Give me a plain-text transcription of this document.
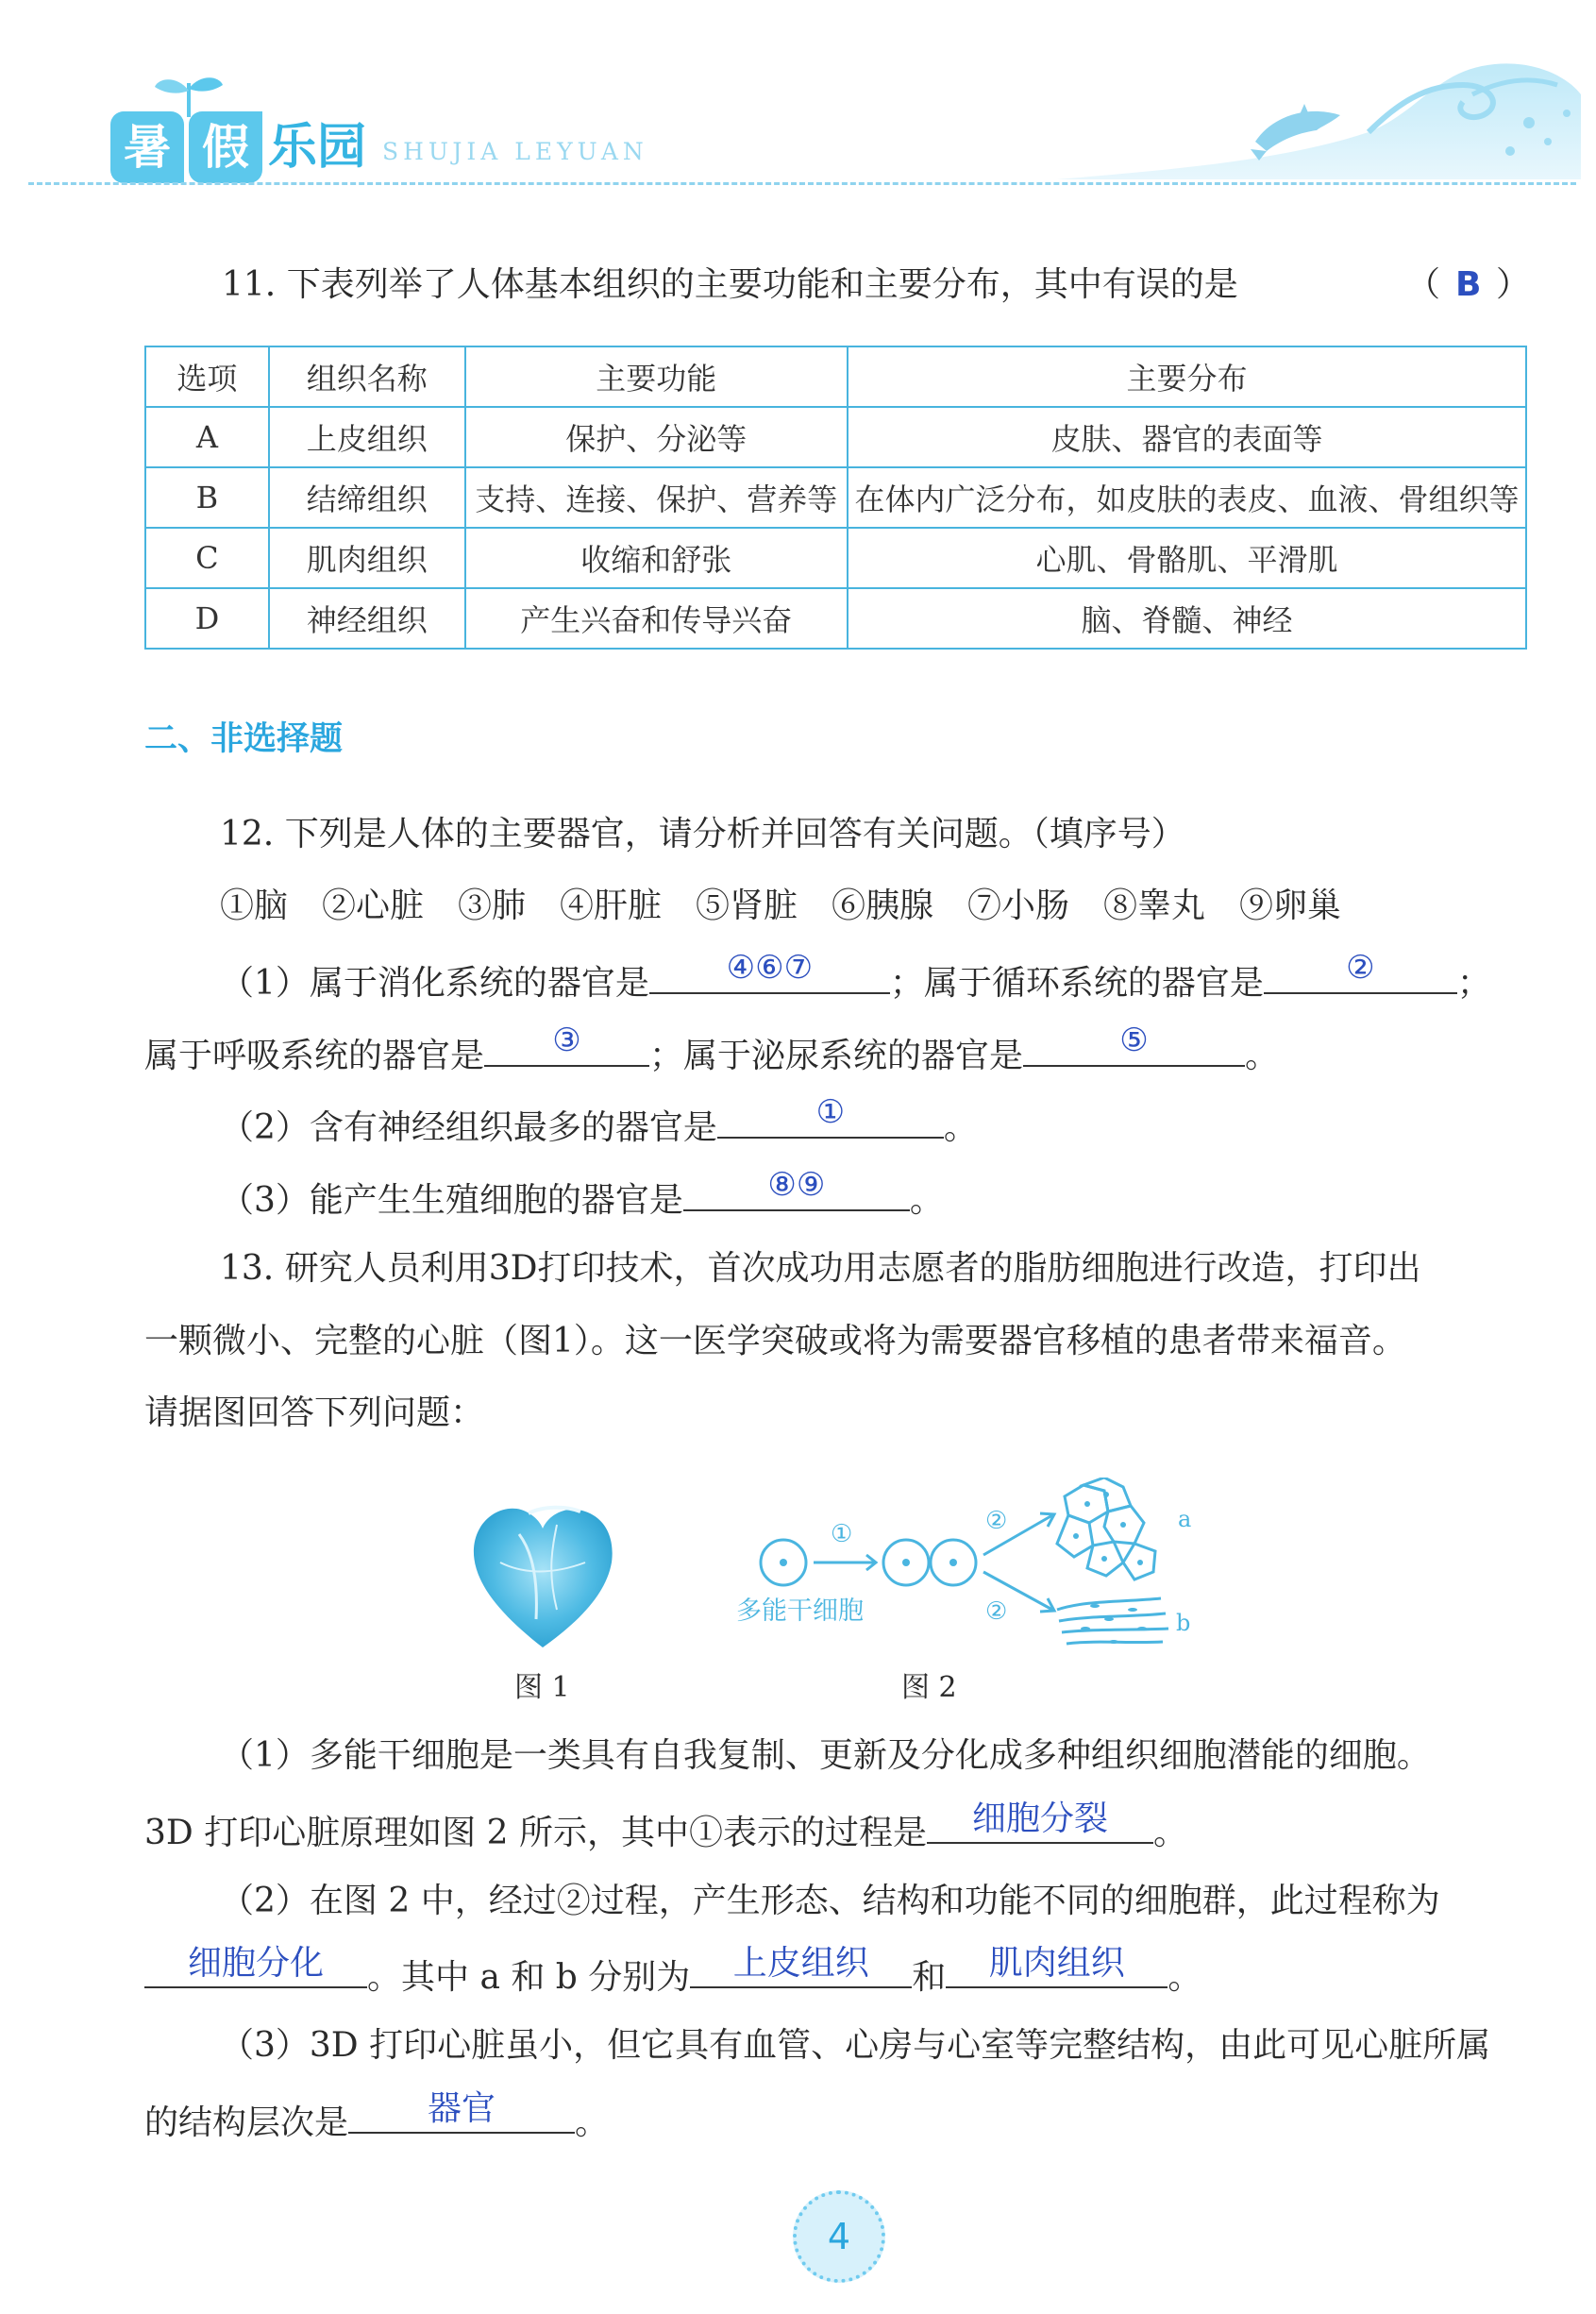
暑 假 乐园 SHUJIA LEYUAN
11. 下表列举了人体基本组织的主要功能和主要分布，其中有误的是	（ B ）
选项	组织名称	主要功能	主要分布
A	上皮组织	保护、分泌等	皮肤、器官的表面等
B	结缔组织	支持、连接、保护、营养等	在体内广泛分布，如皮肤的表皮、血液、骨组织等
C	肌肉组织	收缩和舒张	心肌、骨骼肌、平滑肌
D	神经组织	产生兴奋和传导兴奋	脑、脊髓、神经
二、非选择题
12. 下列是人体的主要器官，请分析并回答有关问题。（填序号）
①脑　②心脏　③肺　④肝脏　⑤肾脏　⑥胰腺　⑦小肠　⑧睾丸　⑨卵巢
（1）属于消化系统的器官是	④⑥⑦	；属于循环系统的器官是	②	；
属于呼吸系统的器官是	③	；属于泌尿系统的器官是	⑤	。
（2）含有神经组织最多的器官是	①	。
（3）能产生生殖细胞的器官是	⑧⑨	。
13. 研究人员利用3D打印技术，首次成功用志愿者的脂肪细胞进行改造，打印出
一颗微小、完整的心脏（图1）。这一医学突破或将为需要器官移植的患者带来福音。
请据图回答下列问题：
图 1
①	②
②
多能干细胞
a
b
图 2
（1）多能干细胞是一类具有自我复制、更新及分化成多种组织细胞潜能的细胞。
3D 打印心脏原理如图 2 所示，其中①表示的过程是	细胞分裂	。
（2）在图 2 中，经过②过程，产生形态、结构和功能不同的细胞群，此过程称为
细胞分化	。其中 a 和 b 分别为	上皮组织	和	肌肉组织	。
（3）3D 打印心脏虽小，但它具有血管、心房与心室等完整结构，由此可见心脏所属
的结构层次是	器官	。
4
